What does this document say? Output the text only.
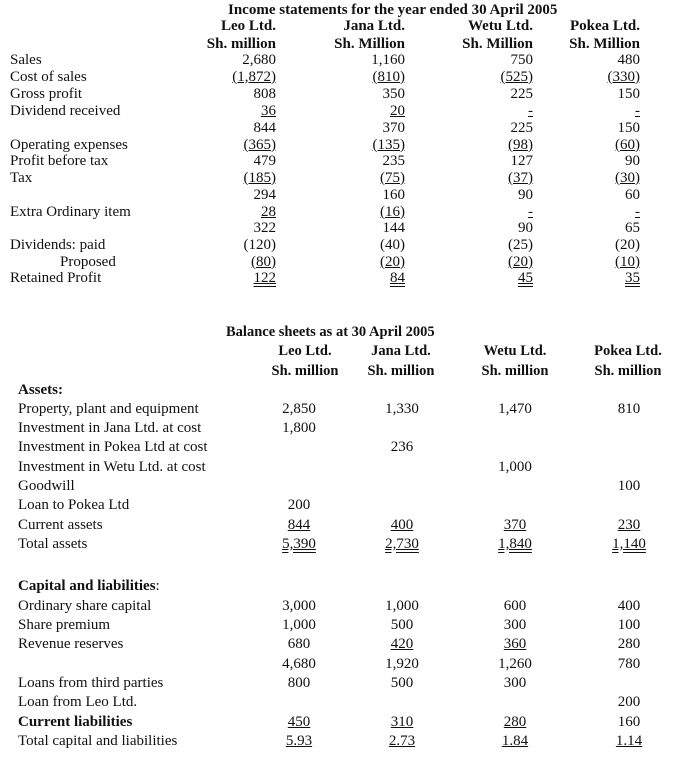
Income statements for the year ended 30 April 2005
Leo Ltd.
Sh. million
Jana Ltd.
Sh. Million
Wetu Ltd.
Sh. Million
Pokea Ltd.
Sh. Million
Sales
Cost of sales
Gross profit
Dividend received
Operating expenses
Profit before tax
Tax
Extra Ordinary item
Dividends: paid
Proposed
Retained Profit
2,680
(1,872)
808
36
844
(365)
479
(185)
294
28
322
(120)
(80)
122
1,160
(810)
350
20
370
(135)
235
(75)
160
(16)
144
(40)
(20)
84
750
(525)
225
-
225
(98)
127
(37)
90
-
90
(25)
(20)
45
480
(330)
150
-
150
(60)
90
(30)
60
-
65
(20)
(10)
35
Balance sheets as at 30 April 2005
Leo Ltd.
Sh. million
Jana Ltd.
Sh. million
Wetu Ltd.
Sh. million
Pokea Ltd.
Sh. million
Assets:
Property, plant and equipment
Investment in Jana Ltd. at cost
Investment in Pokea Ltd at cost
Investment in Wetu Ltd. at cost
Goodwill
Loan to Pokea Ltd
Current assets
Total assets
2,850
1,800
200
844
5,390
1,330
236
400
2,730
1,470
1,000
370
1,840
810
100
230
1,140
Capital and liabilities:
Ordinary share capital
Share premium
Revenue reserves
Loans from third parties
Loan from Leo Ltd.
Current liabilities
Total capital and liabilities
3,000
1,000
680
4,680
800
450
5.93
1,000
500
420
1,920
500
310
2.73
600
300
360
1,260
300
280
1.84
400
100
280
780
200
160
1.14
